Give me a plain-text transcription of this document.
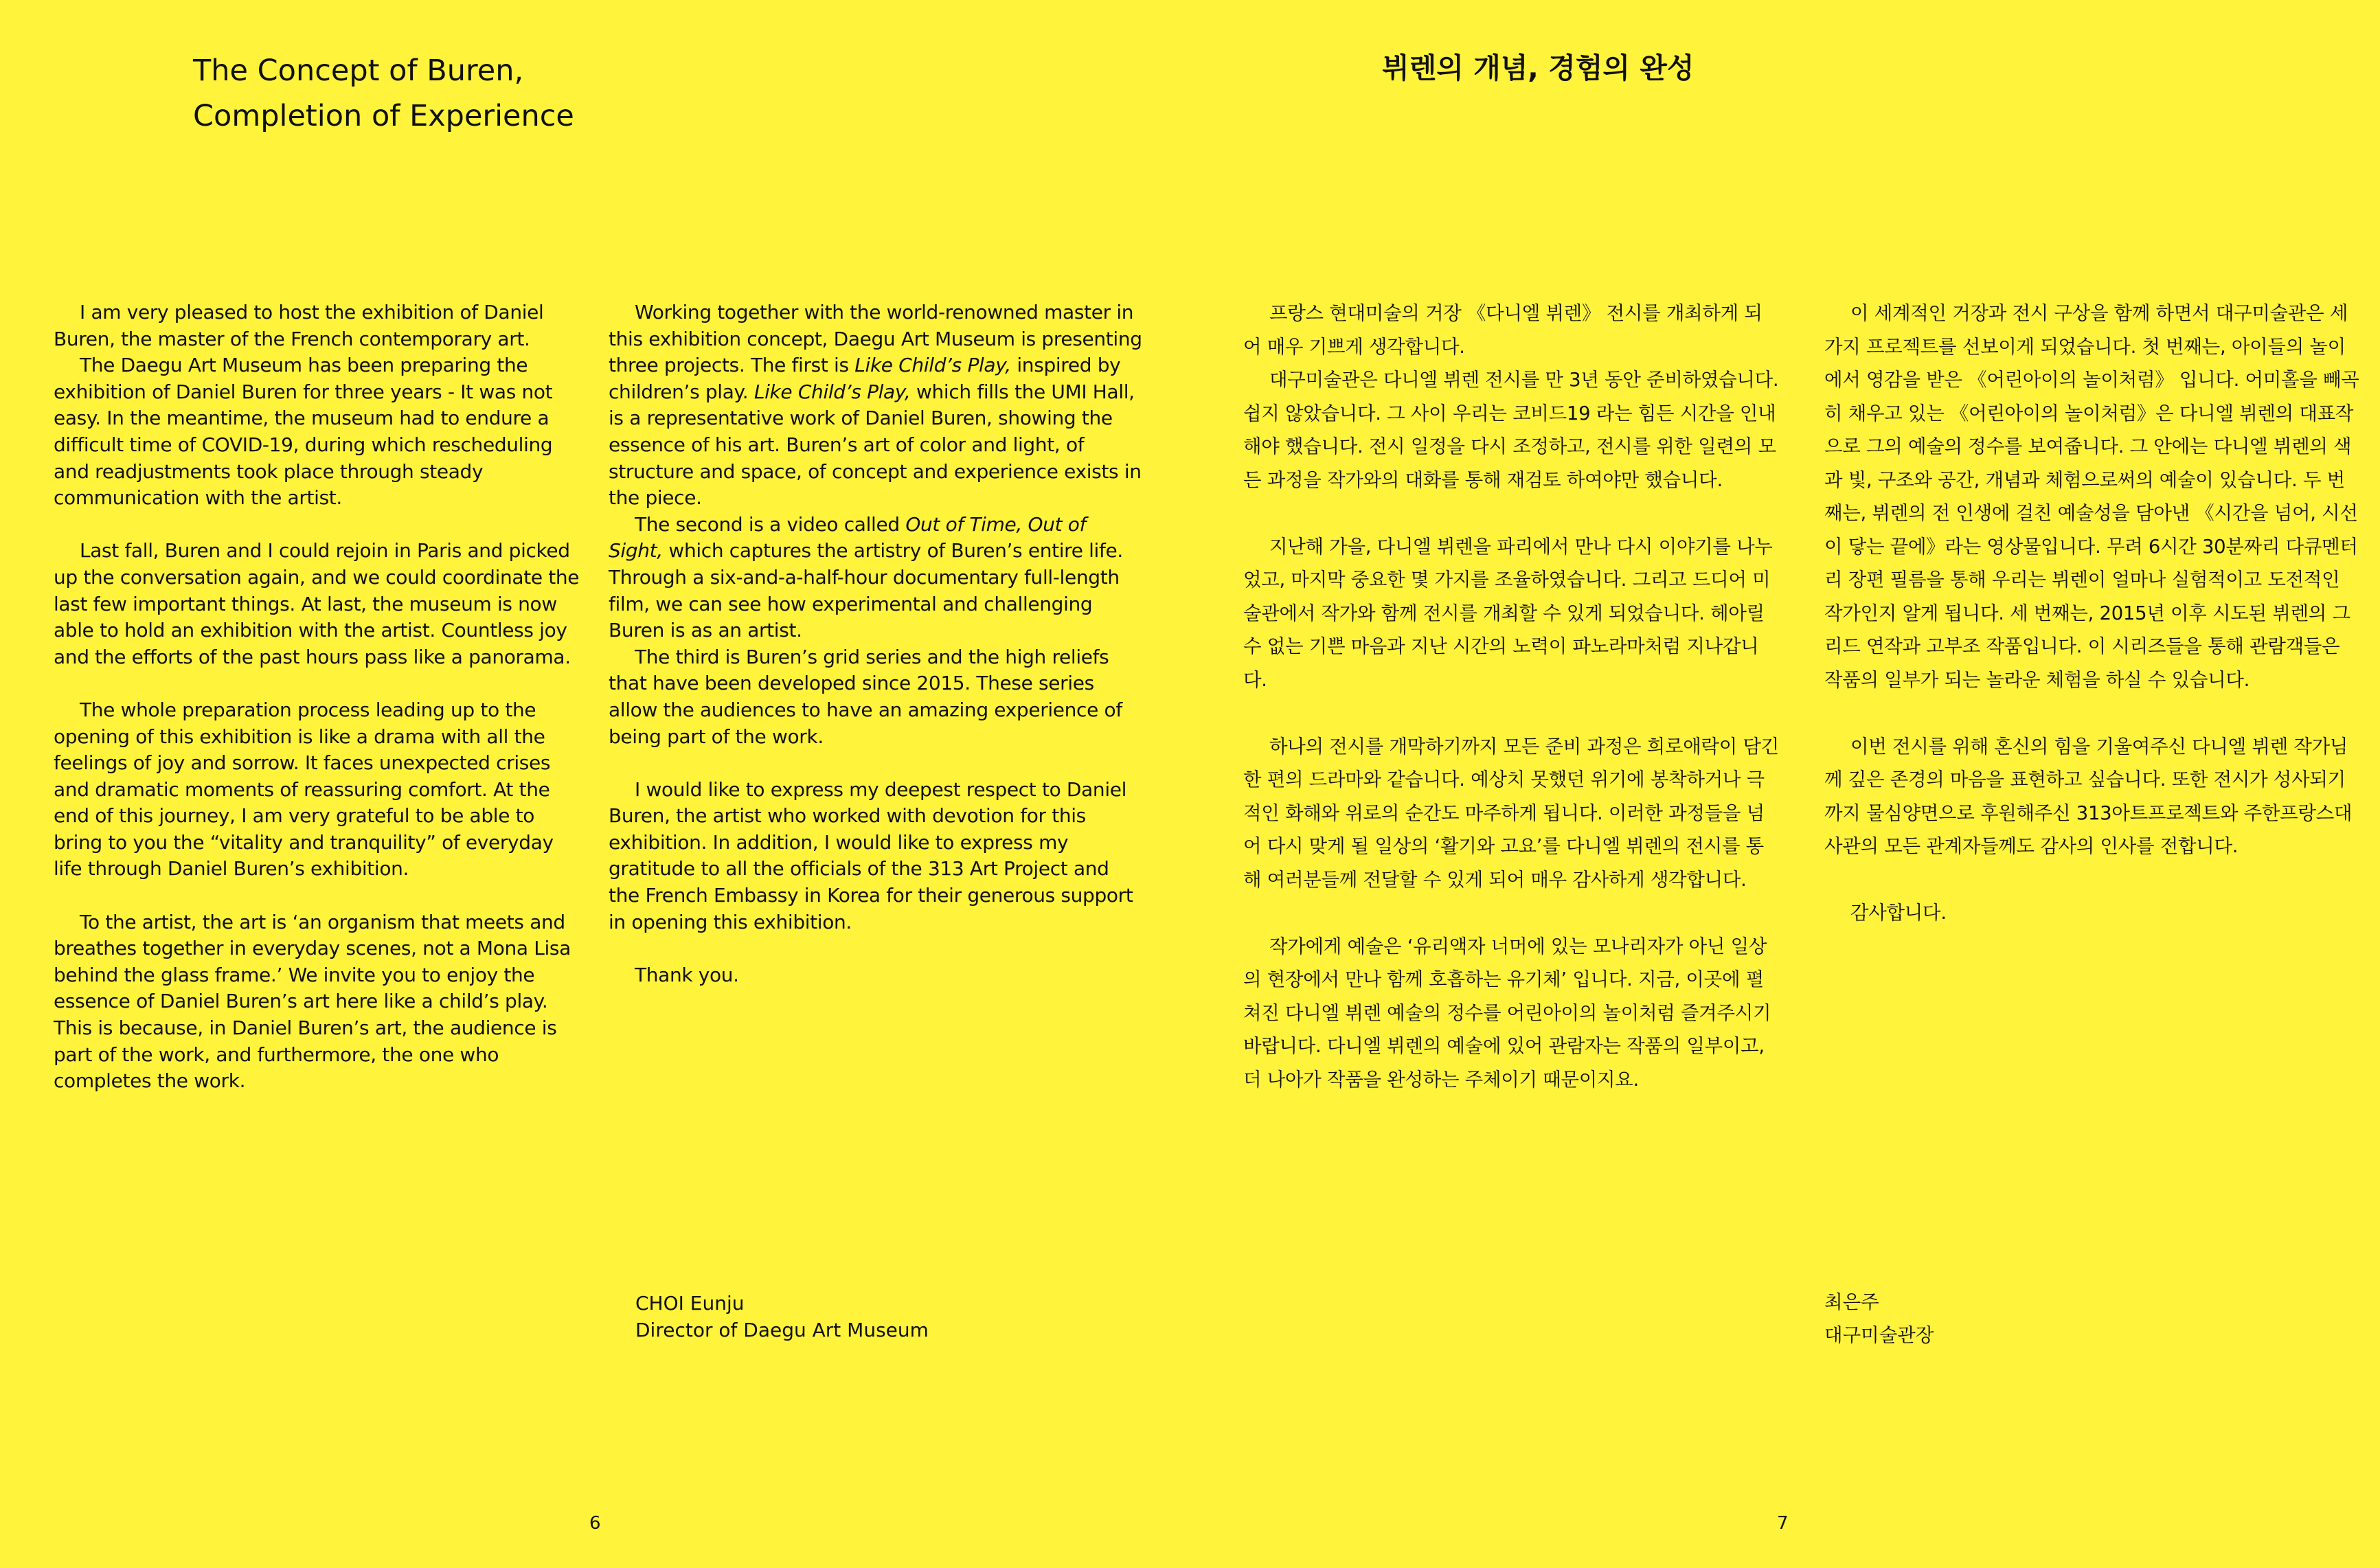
The Concept of Buren,
Completion of Experience

I am very pleased to host the exhibition of Daniel Buren, the master of the French contemporary art.

The Daegu Art Museum has been preparing the exhibition of Daniel Buren for three years - It was not easy. In the meantime, the museum had to endure a difficult time of COVID-19, during which rescheduling and readjustments took place through steady communication with the artist.

Last fall, Buren and I could rejoin in Paris and picked up the conversation again, and we could coordinate the last few important things. At last, the museum is now able to hold an exhibition with the artist. Countless joy and the efforts of the past hours pass like a panorama.

The whole preparation process leading up to the opening of this exhibition is like a drama with all the feelings of joy and sorrow. It faces unexpected crises and dramatic moments of reassuring comfort. At the end of this journey, I am very grateful to be able to bring to you the “vitality and tranquility” of everyday life through Daniel Buren’s exhibition.

To the artist, the art is ‘an organism that meets and breathes together in everyday scenes, not a Mona Lisa behind the glass frame.’ We invite you to enjoy the essence of Daniel Buren’s art here like a child’s play. This is because, in Daniel Buren’s art, the audience is part of the work, and furthermore, the one who completes the work.

Working together with the world-renowned master in this exhibition concept, Daegu Art Museum is presenting three projects. The first is Like Child’s Play, inspired by children’s play. Like Child’s Play, which fills the UMI Hall, is a representative work of Daniel Buren, showing the essence of his art. Buren’s art of color and light, of structure and space, of concept and experience exists in the piece.

The second is a video called Out of Time, Out of Sight, which captures the artistry of Buren’s entire life. Through a six-and-a-half-hour documentary full-length film, we can see how experimental and challenging Buren is as an artist.

The third is Buren’s grid series and the high reliefs that have been developed since 2015. These series allow the audiences to have an amazing experience of being part of the work.

I would like to express my deepest respect to Daniel Buren, the artist who worked with devotion for this exhibition. In addition, I would like to express my gratitude to all the officials of the 313 Art Project and the French Embassy in Korea for their generous support in opening this exhibition.

Thank you.

CHOI Eunju
Director of Daegu Art Museum
6
뷔렌의 개념, 경험의 완성

프랑스 현대미술의 거장 《다니엘 뷔렌》 전시를 개최하게 되어 매우 기쁘게 생각합니다.

대구미술관은 다니엘 뷔렌 전시를 만 3년 동안 준비하였습니다. 쉽지 않았습니다. 그 사이 우리는 코비드19 라는 힘든 시간을 인내해야 했습니다. 전시 일정을 다시 조정하고, 전시를 위한 일련의 모든 과정을 작가와의 대화를 통해 재검토 하여야만 했습니다.

지난해 가을, 다니엘 뷔렌을 파리에서 만나 다시 이야기를 나누었고, 마지막 중요한 몇 가지를 조율하였습니다. 그리고 드디어 미술관에서 작가와 함께 전시를 개최할 수 있게 되었습니다. 헤아릴 수 없는 기쁜 마음과 지난 시간의 노력이 파노라마처럼 지나갑니다.

하나의 전시를 개막하기까지 모든 준비 과정은 희로애락이 담긴 한 편의 드라마와 같습니다. 예상치 못했던 위기에 봉착하거나 극적인 화해와 위로의 순간도 마주하게 됩니다. 이러한 과정들을 넘어 다시 맞게 될 일상의 ‘활기와 고요’를 다니엘 뷔렌의 전시를 통해 여러분들께 전달할 수 있게 되어 매우 감사하게 생각합니다.

작가에게 예술은 ‘유리액자 너머에 있는 모나리자가 아닌 일상의 현장에서 만나 함께 호흡하는 유기체’ 입니다. 지금, 이곳에 펼쳐진 다니엘 뷔렌 예술의 정수를 어린아이의 놀이처럼 즐겨주시기 바랍니다. 다니엘 뷔렌의 예술에 있어 관람자는 작품의 일부이고, 더 나아가 작품을 완성하는 주체이기 때문이지요.

이 세계적인 거장과 전시 구상을 함께 하면서 대구미술관은 세 가지 프로젝트를 선보이게 되었습니다. 첫 번째는, 아이들의 놀이에서 영감을 받은 《어린아이의 놀이처럼》 입니다. 어미홀을 빼곡히 채우고 있는 《어린아이의 놀이처럼》은 다니엘 뷔렌의 대표작으로 그의 예술의 정수를 보여줍니다. 그 안에는 다니엘 뷔렌의 색과 빛, 구조와 공간, 개념과 체험으로써의 예술이 있습니다. 두 번째는, 뷔렌의 전 인생에 걸친 예술성을 담아낸 《시간을 넘어, 시선이 닿는 끝에》라는 영상물입니다. 무려 6시간 30분짜리 다큐멘터리 장편 필름을 통해 우리는 뷔렌이 얼마나 실험적이고 도전적인 작가인지 알게 됩니다. 세 번째는, 2015년 이후 시도된 뷔렌의 그리드 연작과 고부조 작품입니다. 이 시리즈들을 통해 관람객들은 작품의 일부가 되는 놀라운 체험을 하실 수 있습니다.

이번 전시를 위해 혼신의 힘을 기울여주신 다니엘 뷔렌 작가님께 깊은 존경의 마음을 표현하고 싶습니다. 또한 전시가 성사되기까지 물심양면으로 후원해주신 313아트프로젝트와 주한프랑스대사관의 모든 관계자들께도 감사의 인사를 전합니다.

감사합니다.

최은주
대구미술관장
7
